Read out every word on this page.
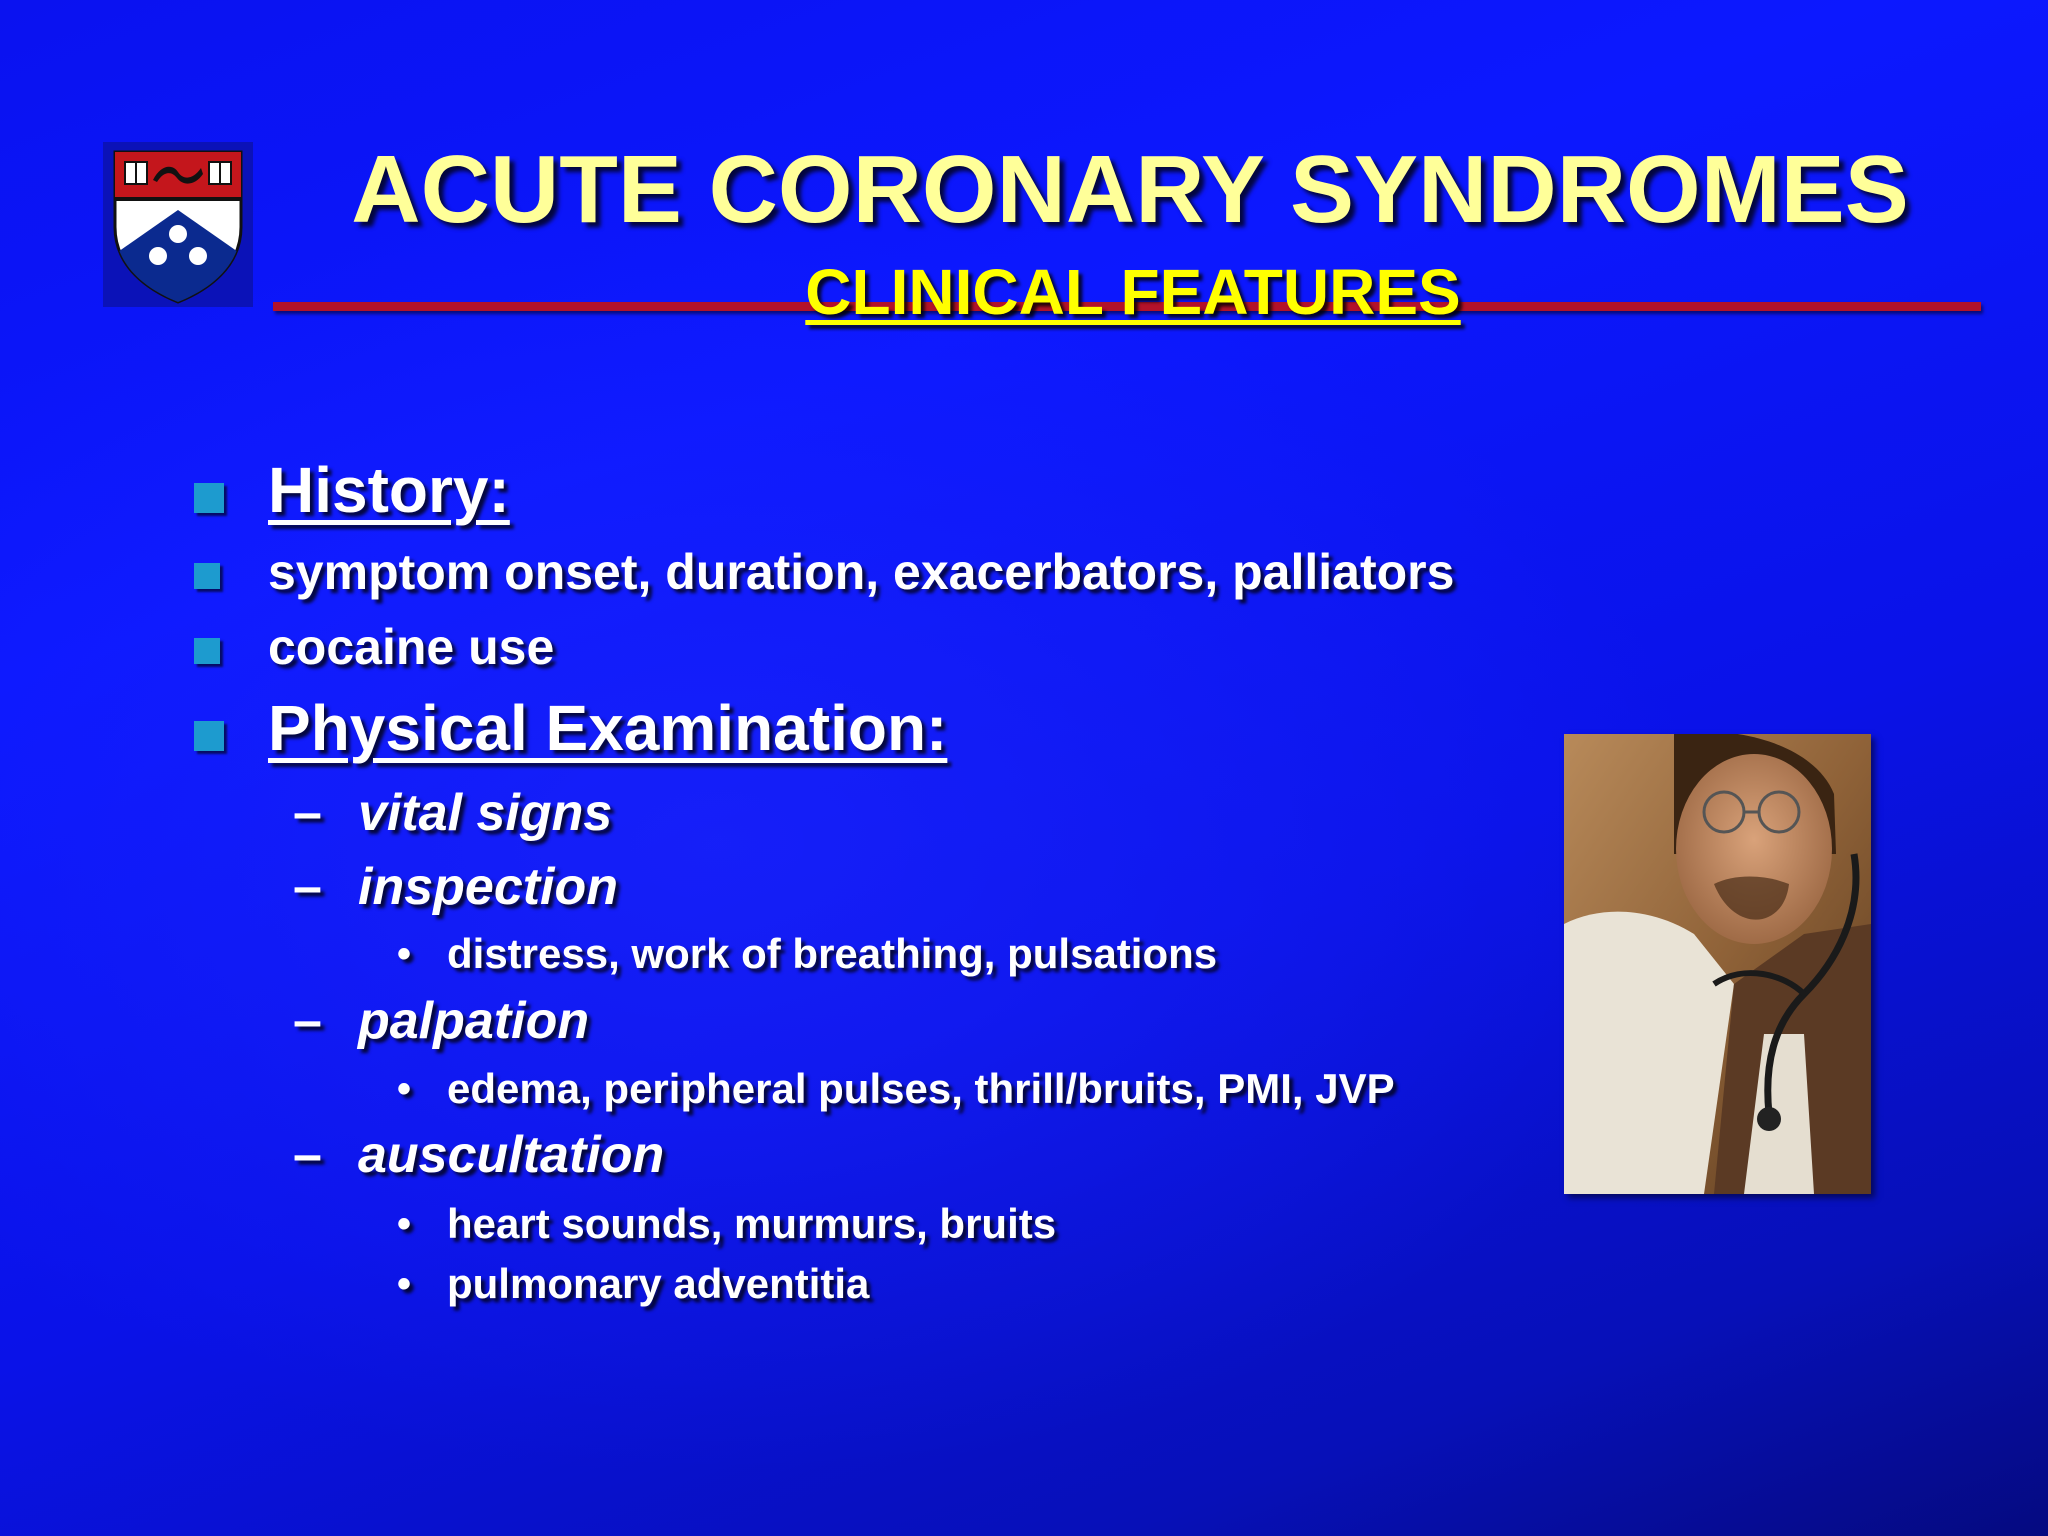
ACUTE CORONARY SYNDROMES
CLINICAL FEATURES
History:
symptom onset, duration, exacerbators, palliators
cocaine use
Physical Examination:
– vital signs
– inspection
• distress, work of breathing, pulsations
– palpation
• edema, peripheral pulses, thrill/bruits, PMI, JVP
– auscultation
• heart sounds, murmurs, bruits
• pulmonary adventitia
